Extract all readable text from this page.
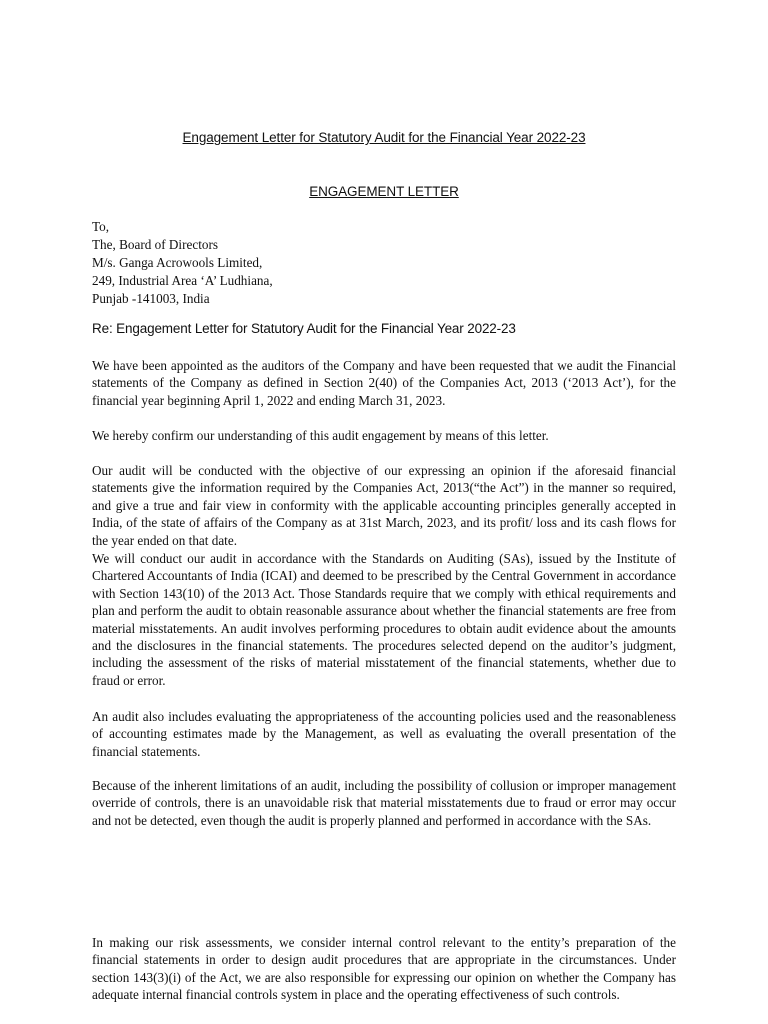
Engagement Letter for Statutory Audit for the Financial Year 2022-23
ENGAGEMENT LETTER
To,
The, Board of Directors
M/s. Ganga Acrowools Limited,
249, Industrial Area ‘A’ Ludhiana,
Punjab -141003, India
Re: Engagement Letter for Statutory Audit for the Financial Year 2022-23
We have been appointed as the auditors of the Company and have been requested that we audit the Financial statements of the Company as defined in Section 2(40) of the Companies Act, 2013 (‘2013 Act’), for the financial year beginning April 1, 2022 and ending March 31, 2023.
We hereby confirm our understanding of this audit engagement by means of this letter.
Our audit will be conducted with the objective of our expressing an opinion if the aforesaid financial statements give the information required by the Companies Act, 2013(“the Act”) in the manner so required, and give a true and fair view in conformity with the applicable accounting principles generally accepted in India, of the state of affairs of the Company as at 31st March, 2023, and its profit/ loss and its cash flows for the year ended on that date.
We will conduct our audit in accordance with the Standards on Auditing (SAs), issued by the Institute of Chartered Accountants of India (ICAI) and deemed to be prescribed by the Central Government in accordance with Section 143(10) of the 2013 Act. Those Standards require that we comply with ethical requirements and plan and perform the audit to obtain reasonable assurance about whether the financial statements are free from material misstatements. An audit involves performing procedures to obtain audit evidence about the amounts and the disclosures in the financial statements. The procedures selected depend on the auditor’s judgment, including the assessment of the risks of material misstatement of the financial statements, whether due to fraud or error.
An audit also includes evaluating the appropriateness of the accounting policies used and the reasonableness of accounting estimates made by the Management, as well as evaluating the overall presentation of the financial statements.
Because of the inherent limitations of an audit, including the possibility of collusion or improper management override of controls, there is an unavoidable risk that material misstatements due to fraud or error may occur and not be detected, even though the audit is properly planned and performed in accordance with the SAs.
In making our risk assessments, we consider internal control relevant to the entity’s preparation of the financial statements in order to design audit procedures that are appropriate in the circumstances. Under section 143(3)(i) of the Act, we are also responsible for expressing our opinion on whether the Company has adequate internal financial controls system in place and the operating effectiveness of such controls.
